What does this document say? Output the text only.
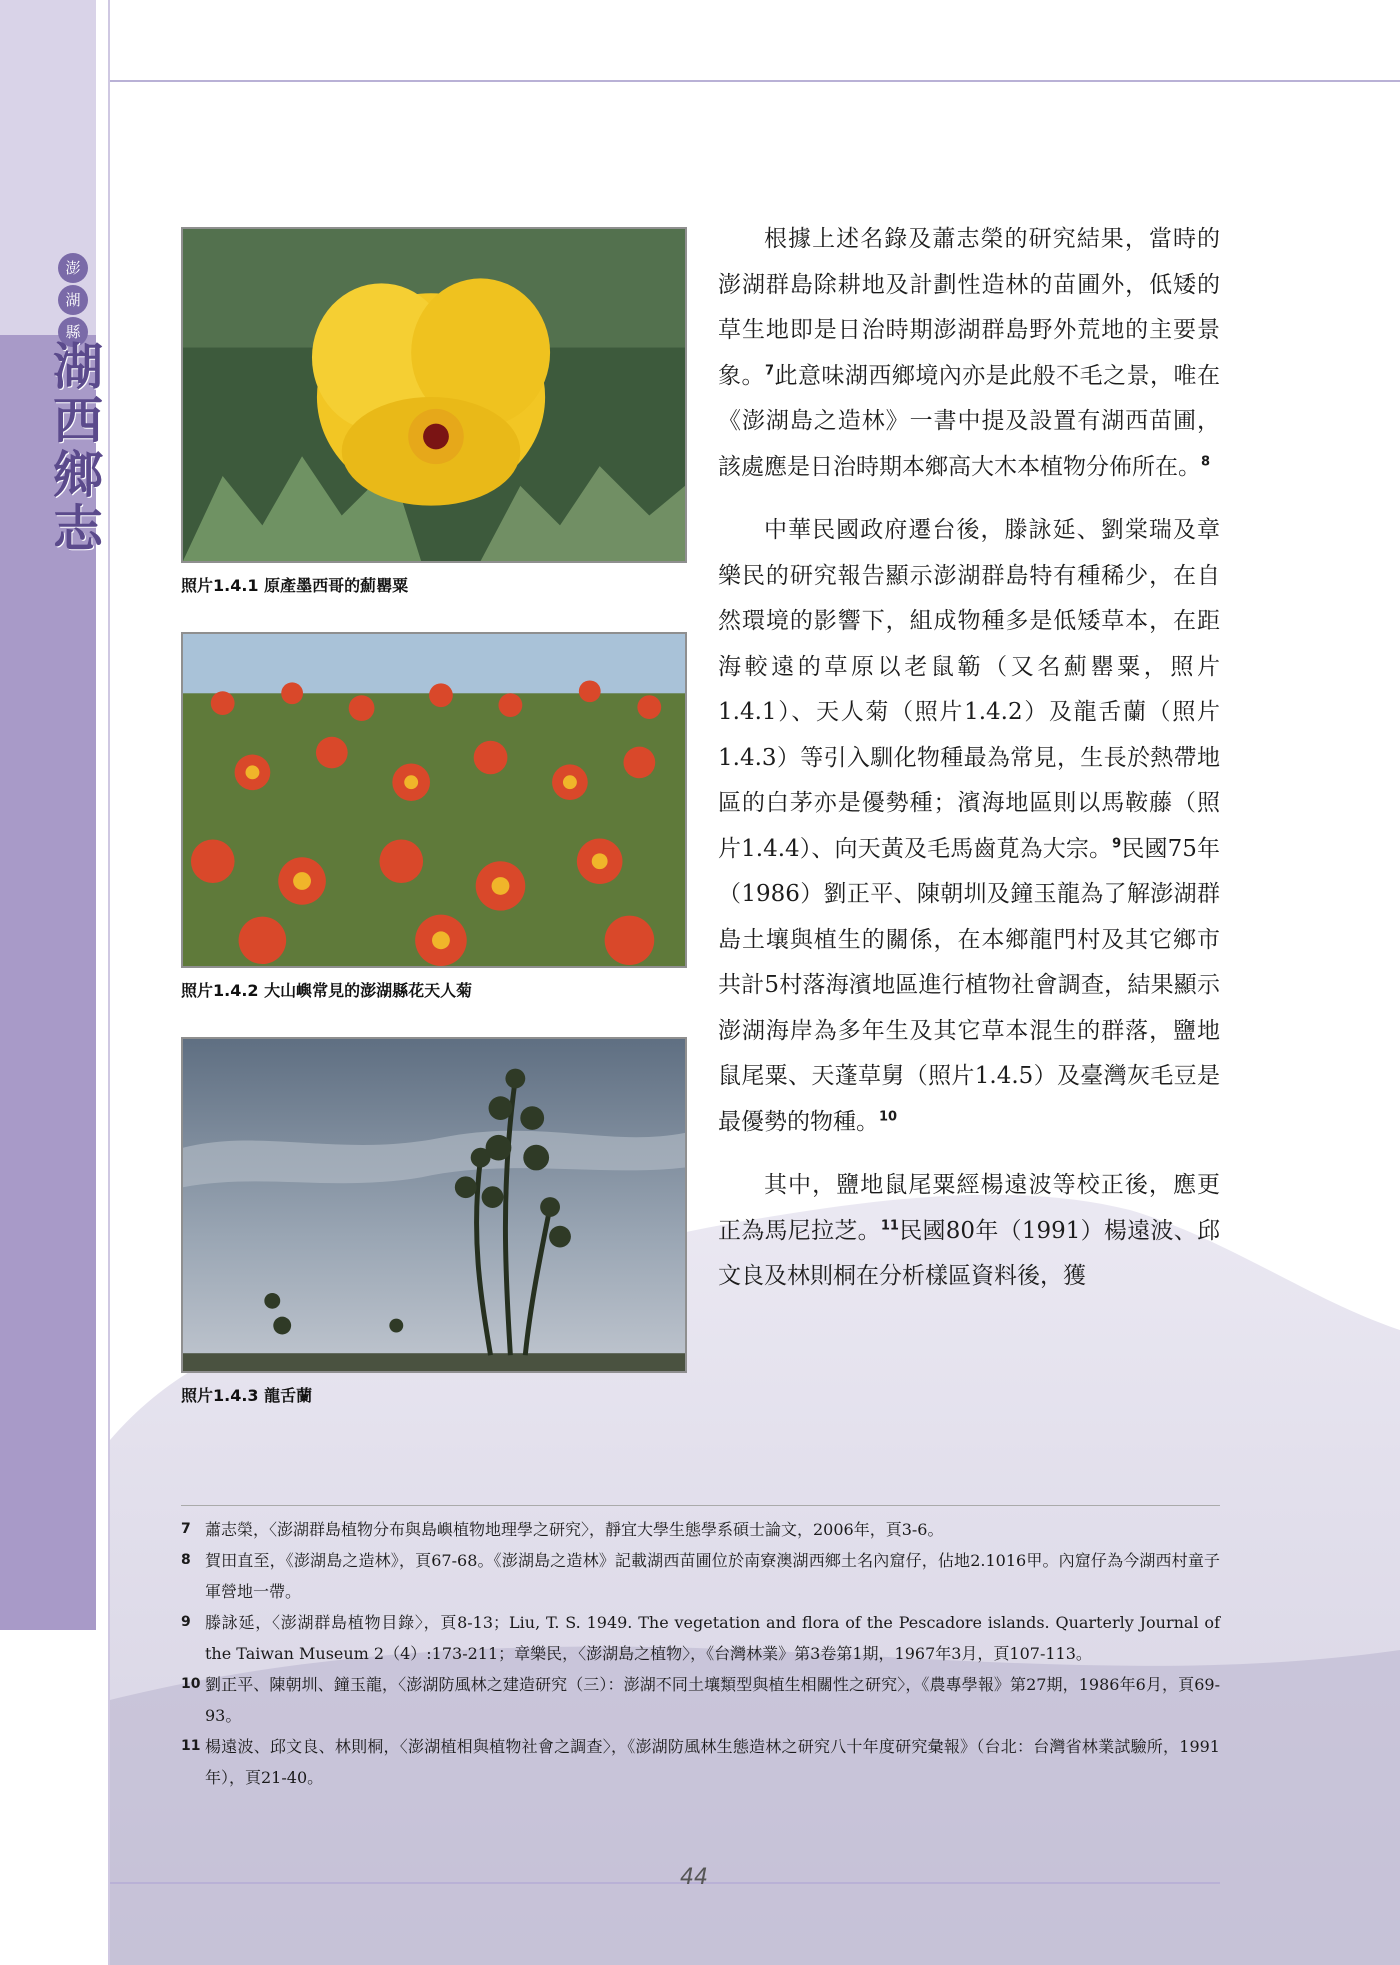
澎
湖
縣
湖西鄉志
照片1.4.1 原產墨西哥的薊罌粟
照片1.4.2 大山嶼常見的澎湖縣花天人菊
照片1.4.3 龍舌蘭

根據上述名錄及蕭志榮的研究結果，當時的澎湖群島除耕地及計劃性造林的苗圃外，低矮的草生地即是日治時期澎湖群島野外荒地的主要景象。$^7$此意味湖西鄉境內亦是此般不毛之景，唯在《澎湖島之造林》一書中提及設置有湖西苗圃，該處應是日治時期本鄉高大木本植物分佈所在。$^8$

中華民國政府遷台後，滕詠延、劉棠瑞及章樂民的研究報告顯示澎湖群島特有種稀少，在自然環境的影響下，組成物種多是低矮草本，在距海較遠的草原以老鼠簕（又名薊罌粟，照片1.4.1）、天人菊（照片1.4.2）及龍舌蘭（照片1.4.3）等引入馴化物種最為常見，生長於熱帶地區的白茅亦是優勢種；濱海地區則以馬鞍藤（照片1.4.4）、向天黃及毛馬齒莧為大宗。$^9$民國75年（1986）劉正平、陳朝圳及鐘玉龍為了解澎湖群島土壤與植生的關係，在本鄉龍門村及其它鄉市共計5村落海濱地區進行植物社會調查，結果顯示澎湖海岸為多年生及其它草本混生的群落，鹽地鼠尾粟、天蓬草舅（照片1.4.5）及臺灣灰毛豆是最優勢的物種。$^{10}$

其中，鹽地鼠尾粟經楊遠波等校正後，應更正為馬尼拉芝。$^{11}$民國80年（1991）楊遠波、邱文良及林則桐在分析樣區資料後，獲

7 蕭志榮，〈澎湖群島植物分布與島嶼植物地理學之研究〉，靜宜大學生態學系碩士論文，2006年，頁3-6。
8 賀田直至，《澎湖島之造林》，頁67-68。《澎湖島之造林》記載湖西苗圃位於南寮澳湖西鄉土名內窟仔，佔地2.1016甲。內窟仔為今湖西村童子軍營地一帶。
9 滕詠延，〈澎湖群島植物目錄〉，頁8-13；Liu, T. S. 1949. The vegetation and flora of the Pescadore islands. Quarterly Journal of the Taiwan Museum 2（4）:173-211；章樂民，〈澎湖島之植物〉，《台灣林業》第3卷第1期，1967年3月，頁107-113。
10 劉正平、陳朝圳、鐘玉龍，〈澎湖防風林之建造研究（三）：澎湖不同土壤類型與植生相關性之研究〉，《農專學報》第27期，1986年6月，頁69-93。
11 楊遠波、邱文良、林則桐，〈澎湖植相與植物社會之調查〉，《澎湖防風林生態造林之研究八十年度研究彙報》（台北：台灣省林業試驗所，1991年），頁21-40。
44
